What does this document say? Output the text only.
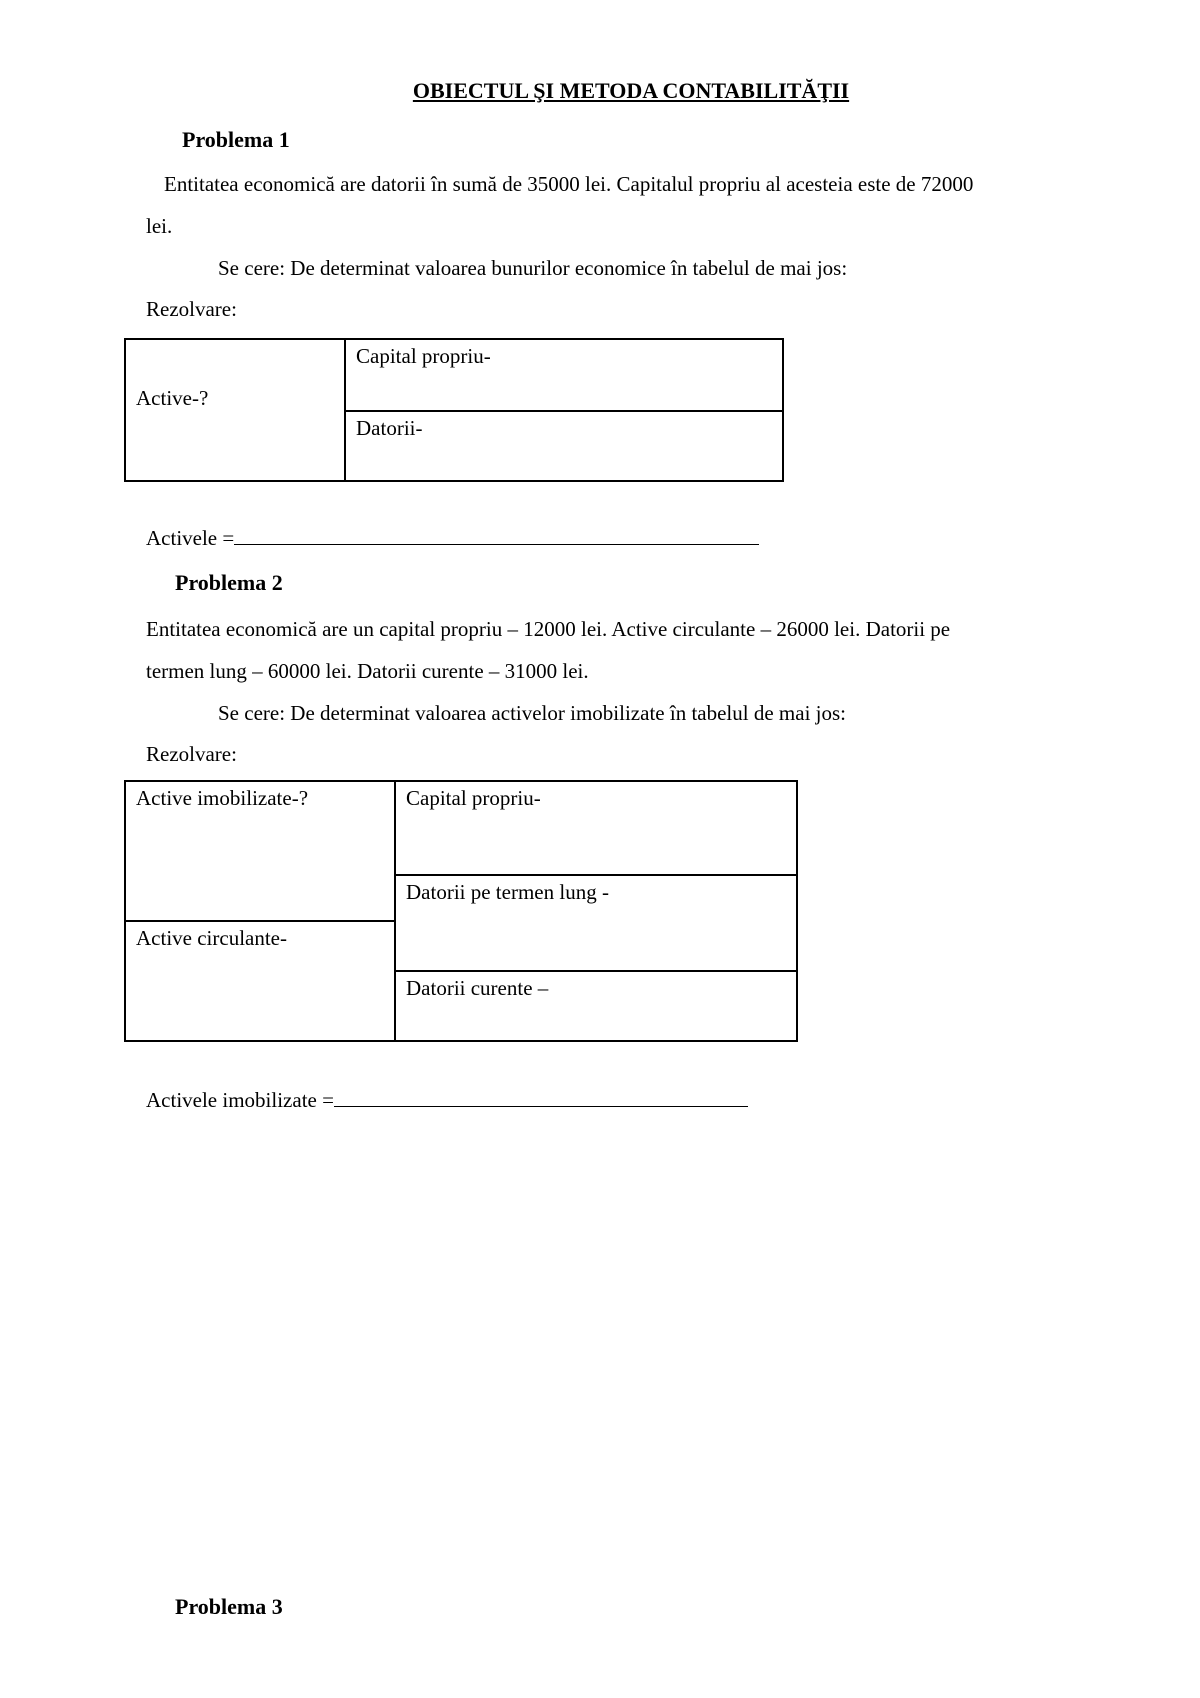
OBIECTUL ŞI METODA CONTABILITĂŢII
Problema 1
Entitatea economică are datorii în sumă de 35000 lei. Capitalul propriu al acesteia este de 72000
lei.
Se cere: De determinat valoarea bunurilor economice în tabelul de mai jos:
Rezolvare:
Active-?
Capital propriu-
Datorii-
Activele =
Problema 2
Entitatea economică are un capital propriu – 12000 lei. Active circulante – 26000 lei. Datorii pe
termen lung – 60000 lei. Datorii curente – 31000 lei.
Se cere: De determinat valoarea activelor imobilizate în tabelul de mai jos:
Rezolvare:
Active imobilizate-?
Active circulante-
Capital propriu-
Datorii pe termen lung -
Datorii curente –
Activele imobilizate =
Problema 3
